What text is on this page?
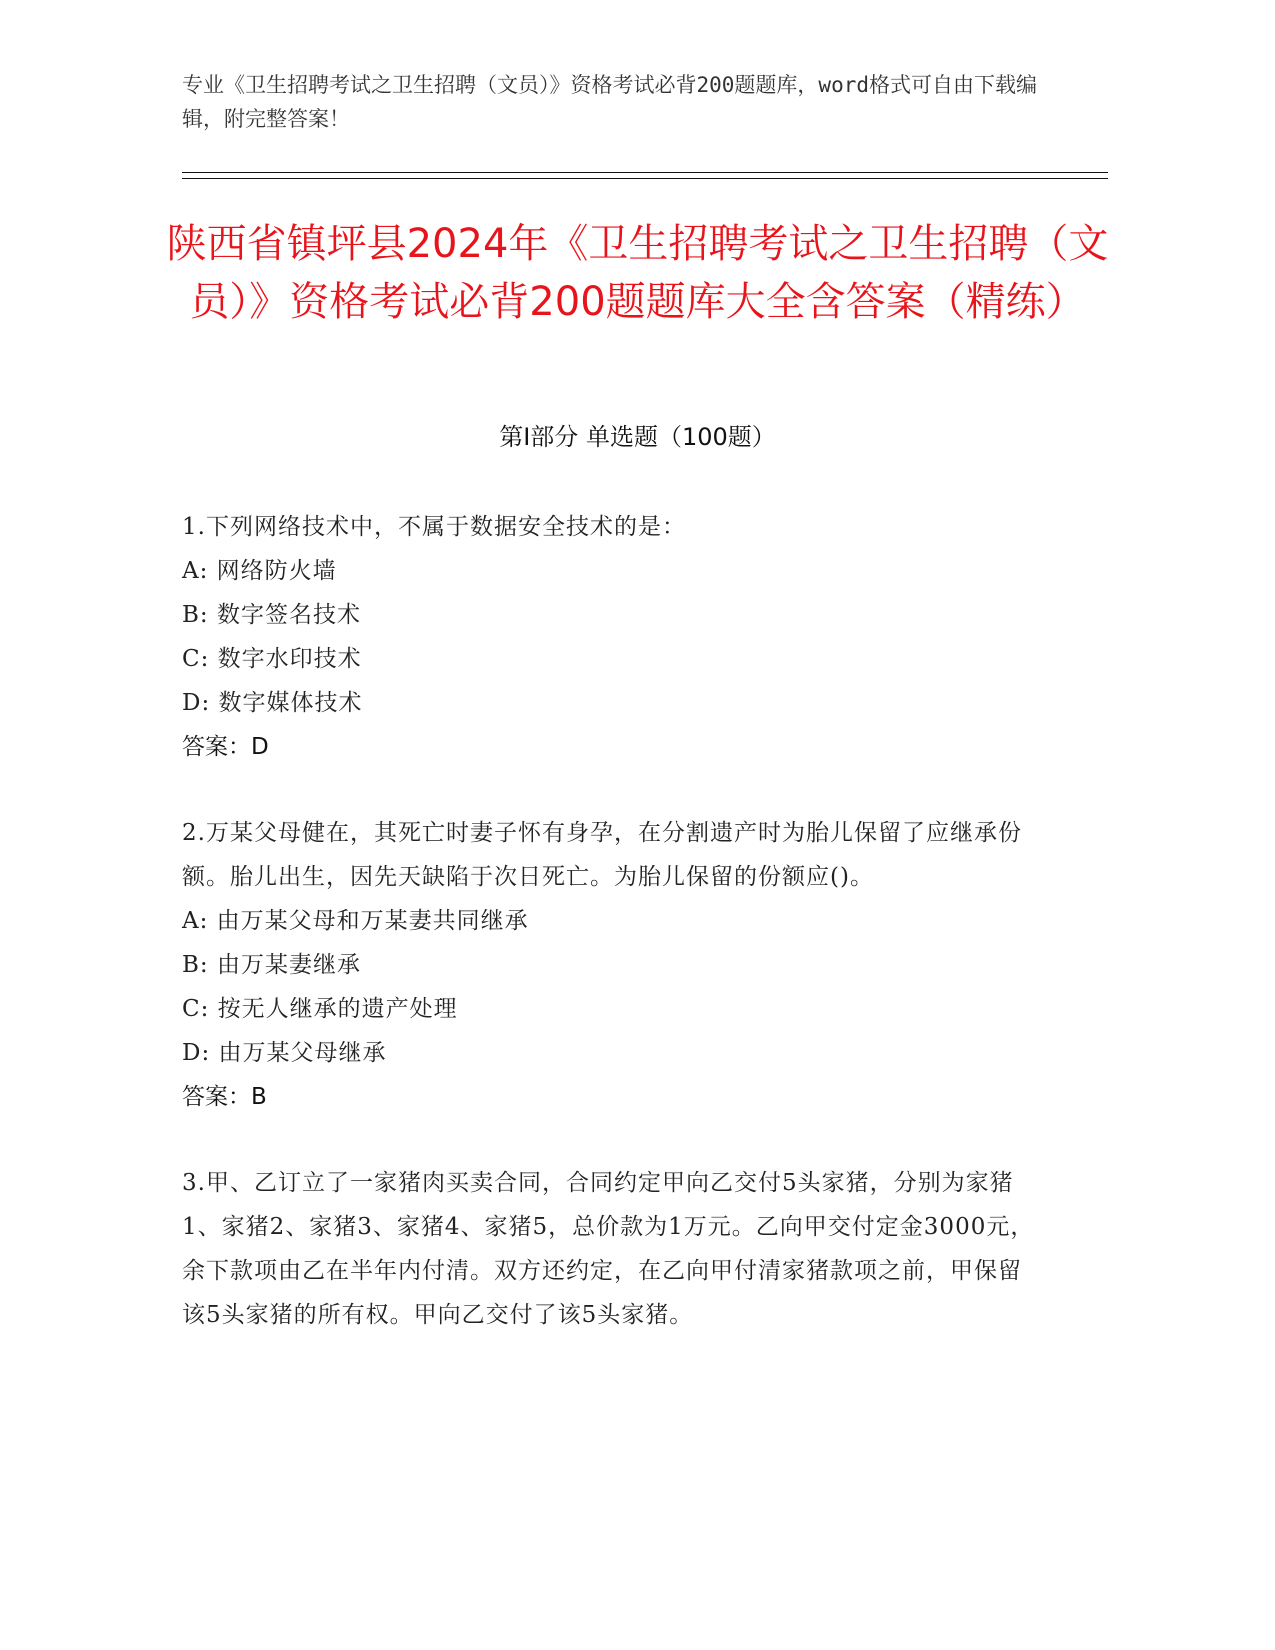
专业《卫生招聘考试之卫生招聘（文员）》资格考试必背200题题库，word格式可自由下载编辑，附完整答案！
陕西省镇坪县2024年《卫生招聘考试之卫生招聘（文员）》资格考试必背200题题库大全含答案（精练）
第I部分 单选题（100题）

1.下列网络技术中，不属于数据安全技术的是：

A: 网络防火墙

B: 数字签名技术

C: 数字水印技术

D: 数字媒体技术

答案：D

2.万某父母健在，其死亡时妻子怀有身孕，在分割遗产时为胎儿保留了应继承份额。胎儿出生，因先天缺陷于次日死亡。为胎儿保留的份额应()。

A: 由万某父母和万某妻共同继承

B: 由万某妻继承

C: 按无人继承的遗产处理

D: 由万某父母继承

答案：B

3.甲、乙订立了一家猪肉买卖合同，合同约定甲向乙交付5头家猪，分别为家猪1、家猪2、家猪3、家猪4、家猪5，总价款为1万元。乙向甲交付定金3000元，余下款项由乙在半年内付清。双方还约定，在乙向甲付清家猪款项之前，甲保留该5头家猪的所有权。甲向乙交付了该5头家猪。
